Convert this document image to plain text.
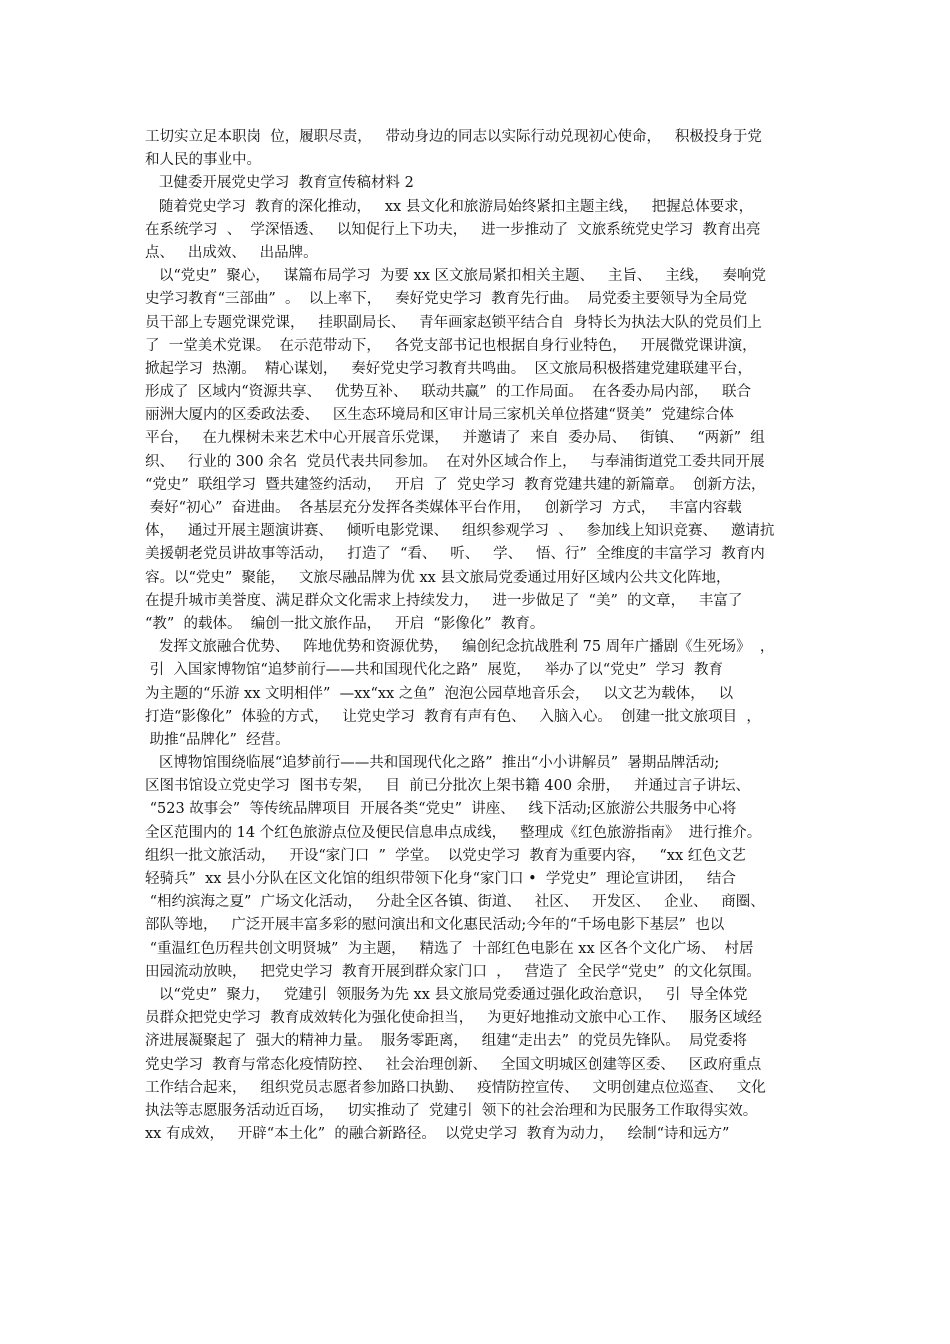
工切实立足本职岗  位，履职尽责，   带动身边的同志以实际行动兑现初心使命，   积极投身于党
和人民的事业中。
卫健委开展党史学习  教育宣传稿材料 2
随着党史学习  教育的深化推动，   xx 县文化和旅游局始终紧扣主题主线，   把握总体要求，
在系统学习  、  学深悟透、   以知促行上下功夫，   进一步推动了  文旅系统党史学习  教育出亮
点、   出成效、   出品牌。
以“党史”  聚心，   谋篇布局学习  为要 xx 区文旅局紧扣相关主题、   主旨、   主线，   奏响党
史学习教育“三部曲”  。  以上率下，   奏好党史学习  教育先行曲。  局党委主要领导为全局党
员干部上专题党课党课，   挂职副局长、   青年画家赵锁平结合自  身特长为执法大队的党员们上
了  一堂美术党课。  在示范带动下，   各党支部书记也根据自身行业特色，   开展微党课讲演，
掀起学习  热潮。  精心谋划，   奏好党史学习教育共鸣曲。  区文旅局积极搭建党建联建平台，
形成了  区域内“资源共享、   优势互补、   联动共赢”  的工作局面。  在各委办局内部，   联合
丽洲大厦内的区委政法委、   区生态环境局和区审计局三家机关单位搭建“贤美”  党建综合体
平台，   在九棵树未来艺术中心开展音乐党课，   并邀请了  来自  委办局、   街镇、   “两新”  组
织、   行业的 300 余名  党员代表共同参加。  在对外区域合作上，   与奉浦街道党工委共同开展
“党史”  联组学习  暨共建签约活动，   开启  了  党史学习  教育党建共建的新篇章。  创新方法，
奏好“初心”  奋进曲。  各基层充分发挥各类媒体平台作用，   创新学习  方式，   丰富内容载
体，   通过开展主题演讲赛、   倾听电影党课、   组织参观学习  、   参加线上知识竞赛、   邀请抗
美援朝老党员讲故事等活动，   打造了  “看、   听、   学、   悟、行”  全维度的丰富学习  教育内
容。以“党史”  聚能，   文旅尽融品牌为优 xx 县文旅局党委通过用好区域内公共文化阵地，
在提升城市美誉度、满足群众文化需求上持续发力，   进一步做足了  “美”  的文章，   丰富了
“教”  的载体。  编创一批文旅作品，   开启  “影像化”  教育。
发挥文旅融合优势、   阵地优势和资源优势，   编创纪念抗战胜利 75 周年广播剧《生死场》  ，
引  入国家博物馆“追梦前行——共和国现代化之路”  展览，   举办了以“党史”  学习  教育
为主题的“乐游 xx 文明相伴”  —xx“xx 之鱼”  泡泡公园草地音乐会，   以文艺为载体，   以
打造“影像化”  体验的方式，   让党史学习  教育有声有色、   入脑入心。  创建一批文旅项目  ，
助推“品牌化”  经营。
区博物馆围绕临展“追梦前行——共和国现代化之路”  推出“小小讲解员”  暑期品牌活动;
区图书馆设立党史学习  图书专架，   目  前已分批次上架书籍 400 余册，   并通过言子讲坛、
“523 故事会”  等传统品牌项目  开展各类“党史”  讲座、   线下活动;区旅游公共服务中心将
全区范围内的 14 个红色旅游点位及便民信息串点成线，   整理成《红色旅游指南》  进行推介。
组织一批文旅活动，   开设“家门口  ”  学堂。  以党史学习  教育为重要内容，   “xx 红色文艺
轻骑兵”  xx 县小分队在区文化馆的组织带领下化身“家门口 •  学党史”  理论宣讲团，   结合
“相约滨海之夏”  广场文化活动，   分赴全区各镇、街道、   社区、   开发区、   企业、   商圈、
部队等地，   广泛开展丰富多彩的慰问演出和文化惠民活动;今年的“千场电影下基层”  也以
“重温红色历程共创文明贤城”  为主题，   精选了  十部红色电影在 xx 区各个文化广场、  村居
田园流动放映，   把党史学习  教育开展到群众家门口  ，   营造了  全民学“党史”  的文化氛围。
以“党史”  聚力，   党建引  领服务为先 xx 县文旅局党委通过强化政治意识，   引  导全体党
员群众把党史学习  教育成效转化为强化使命担当，   为更好地推动文旅中心工作、   服务区域经
济进展凝聚起了  强大的精神力量。  服务零距离，   组建“走出去”  的党员先锋队。  局党委将
党史学习  教育与常态化疫情防控、   社会治理创新、   全国文明城区创建等区委、   区政府重点
工作结合起来，   组织党员志愿者参加路口执勤、   疫情防控宣传、   文明创建点位巡查、   文化
执法等志愿服务活动近百场，   切实推动了  党建引  领下的社会治理和为民服务工作取得实效。
xx 有成效，   开辟“本土化”  的融合新路径。  以党史学习  教育为动力，   绘制“诗和远方”
